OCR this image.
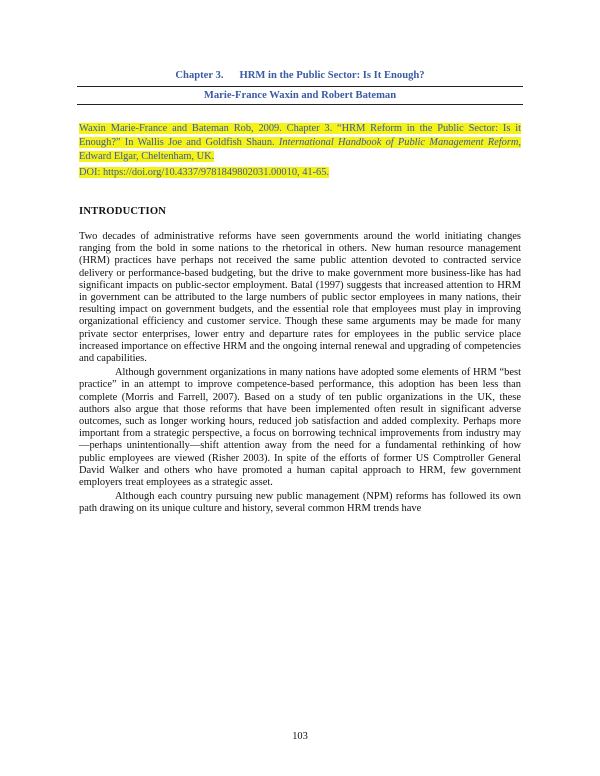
Chapter 3. HRM in the Public Sector: Is It Enough?
Marie-France Waxin and Robert Bateman
Waxin Marie-France and Bateman Rob, 2009. Chapter 3. “HRM Reform in the Public Sector: Is it Enough?” In Wallis Joe and Goldfish Shaun. International Handbook of Public Management Reform, Edward Elgar, Cheltenham, UK.
DOI: https://doi.org/10.4337/9781849802031.00010, 41-65.
INTRODUCTION

Two decades of administrative reforms have seen governments around the world initiating changes ranging from the bold in some nations to the rhetorical in others. New human resource management (HRM) practices have perhaps not received the same public attention devoted to contracted service delivery or performance-based budgeting, but the drive to make government more business-like has had significant impacts on public-sector employment. Batal (1997) suggests that increased attention to HRM in government can be attributed to the large numbers of public sector employees in many nations, their resulting impact on government budgets, and the essential role that employees must play in improving organizational efficiency and customer service. Though these same arguments may be made for many private sector enterprises, lower entry and departure rates for employees in the public service place increased importance on effective HRM and the ongoing internal renewal and upgrading of competencies and capabilities.

Although government organizations in many nations have adopted some elements of HRM “best practice” in an attempt to improve competence-based performance, this adoption has been less than complete (Morris and Farrell, 2007). Based on a study of ten public organizations in the UK, these authors also argue that those reforms that have been implemented often result in significant adverse outcomes, such as longer working hours, reduced job satisfaction and added complexity. Perhaps more important from a strategic perspective, a focus on borrowing technical improvements from industry may—perhaps unintentionally—shift attention away from the need for a fundamental rethinking of how public employees are viewed (Risher 2003). In spite of the efforts of former US Comptroller General David Walker and others who have promoted a human capital approach to HRM, few government employers treat employees as a strategic asset.

Although each country pursuing new public management (NPM) reforms has followed its own path drawing on its unique culture and history, several common HRM trends have

103
